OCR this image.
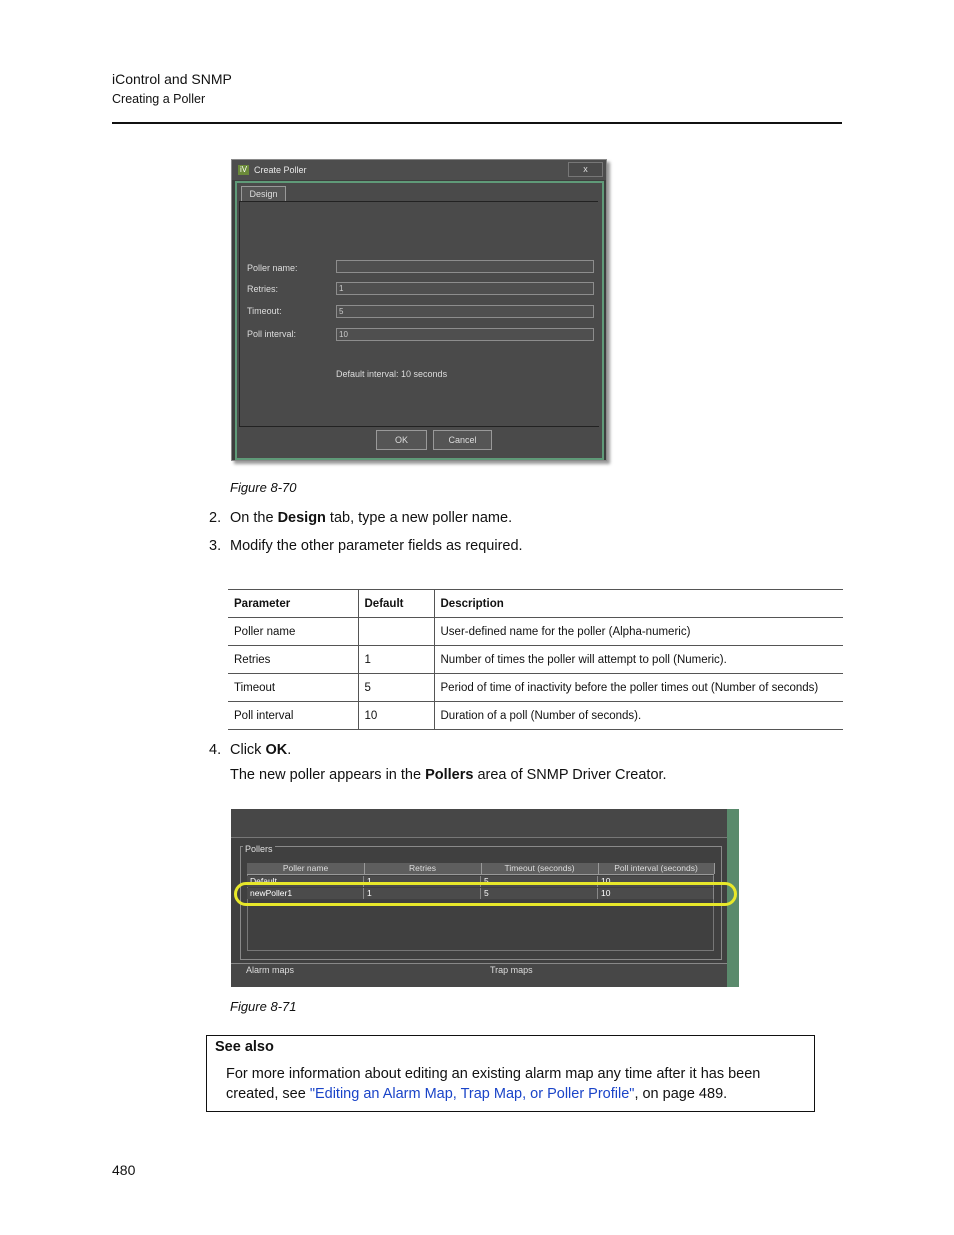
iControl and SNMP
Creating a Poller
iV Create Poller	x
Design
Poller name:
Retries:	1
Timeout:	5
Poll interval:	10
Default interval: 10 seconds
OK	Cancel
Figure 8-70
2. On the Design tab, type a new poller name.
3. Modify the other parameter fields as required.
Parameter	Default	Description
Poller name		User-defined name for the poller (Alpha-numeric)
Retries	1	Number of times the poller will attempt to poll (Numeric).
Timeout	5	Period of time of inactivity before the poller times out (Number of seconds)
Poll interval	10	Duration of a poll (Number of seconds).
4. Click OK.
The new poller appears in the Pollers area of SNMP Driver Creator.
Pollers
Poller name	Retries	Timeout (seconds)	Poll interval (seconds)
Default	1	5	10
newPoller1	1	5	10
Alarm maps	Trap maps
Figure 8-71
See also
For more information about editing an existing alarm map any time after it has been created, see "Editing an Alarm Map, Trap Map, or Poller Profile", on page 489.
480
